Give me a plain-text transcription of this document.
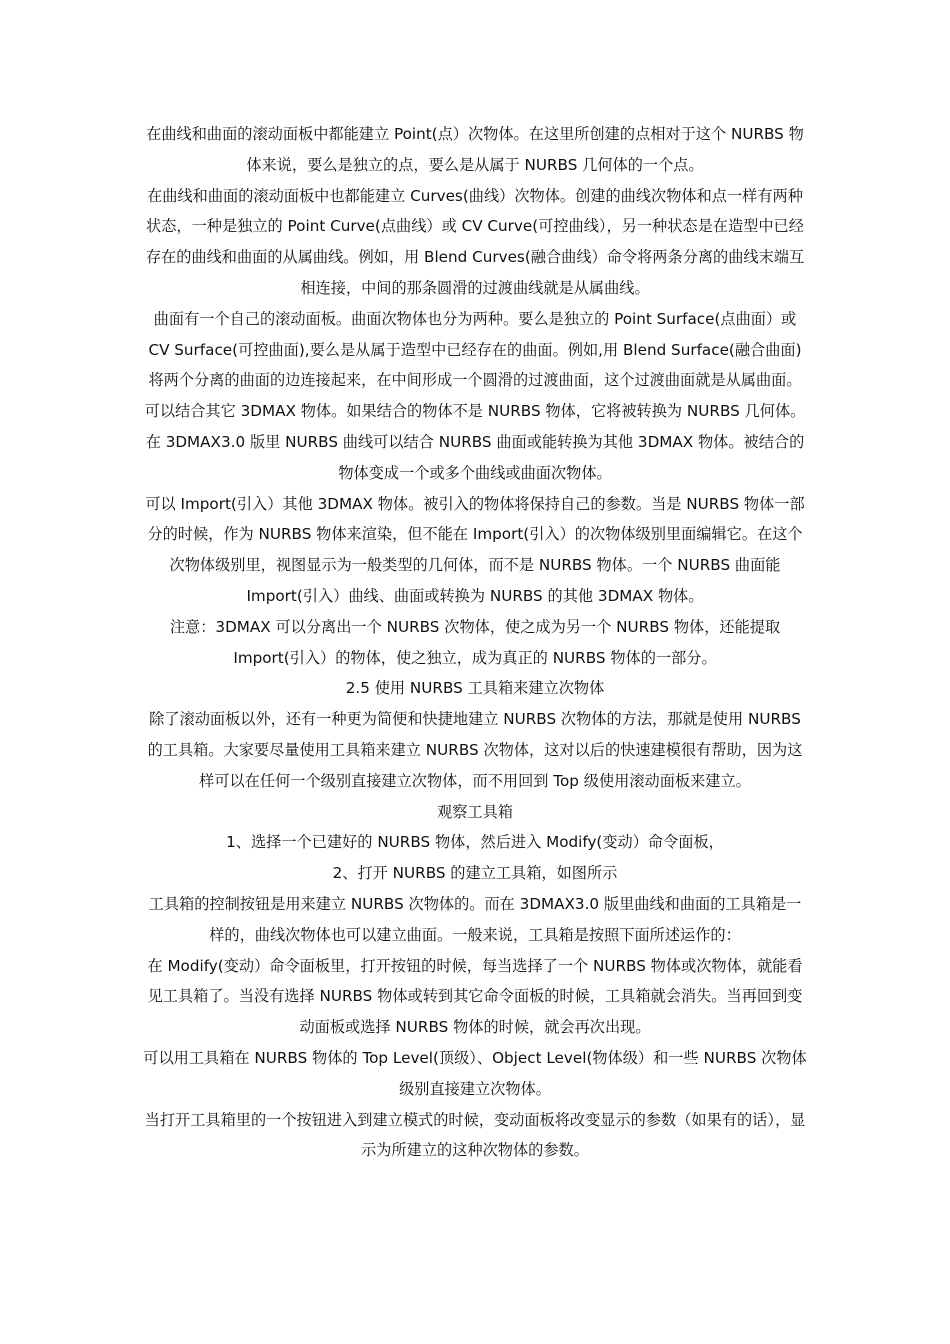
在曲线和曲面的滚动面板中都能建立 Point(点）次物体。在这里所创建的点相对于这个 NURBS 物体来说，要么是独立的点，要么是从属于 NURBS 几何体的一个点。

在曲线和曲面的滚动面板中也都能建立 Curves(曲线）次物体。创建的曲线次物体和点一样有两种状态，一种是独立的 Point Curve(点曲线）或 CV Curve(可控曲线），另一种状态是在造型中已经存在的曲线和曲面的从属曲线。例如，用 Blend Curves(融合曲线）命令将两条分离的曲线末端互相连接，中间的那条圆滑的过渡曲线就是从属曲线。

曲面有一个自己的滚动面板。曲面次物体也分为两种。要么是独立的 Point Surface(点曲面）或 CV Surface(可控曲面),要么是从属于造型中已经存在的曲面。例如,用 Blend Surface(融合曲面)将两个分离的曲面的边连接起来，在中间形成一个圆滑的过渡曲面，这个过渡曲面就是从属曲面。

可以结合其它 3DMAX 物体。如果结合的物体不是 NURBS 物体，它将被转换为 NURBS 几何体。在 3DMAX3.0 版里 NURBS 曲线可以结合 NURBS 曲面或能转换为其他 3DMAX 物体。被结合的物体变成一个或多个曲线或曲面次物体。

可以 Import(引入）其他 3DMAX 物体。被引入的物体将保持自己的参数。当是 NURBS 物体一部分的时候，作为 NURBS 物体来渲染，但不能在 Import(引入）的次物体级别里面编辑它。在这个次物体级别里，视图显示为一般类型的几何体，而不是 NURBS 物体。一个 NURBS 曲面能 Import(引入）曲线、曲面或转换为 NURBS 的其他 3DMAX 物体。

注意：3DMAX 可以分离出一个 NURBS 次物体，使之成为另一个 NURBS 物体，还能提取 Import(引入）的物体，使之独立，成为真正的 NURBS 物体的一部分。

2.5 使用 NURBS 工具箱来建立次物体

除了滚动面板以外，还有一种更为简便和快捷地建立 NURBS 次物体的方法，那就是使用 NURBS 的工具箱。大家要尽量使用工具箱来建立 NURBS 次物体，这对以后的快速建模很有帮助，因为这样可以在任何一个级别直接建立次物体，而不用回到 Top 级使用滚动面板来建立。

观察工具箱

1、选择一个已建好的 NURBS 物体，然后进入 Modify(变动）命令面板，

2、打开 NURBS 的建立工具箱，如图所示

工具箱的控制按钮是用来建立 NURBS 次物体的。而在 3DMAX3.0 版里曲线和曲面的工具箱是一样的，曲线次物体也可以建立曲面。一般来说，工具箱是按照下面所述运作的：

在 Modify(变动）命令面板里，打开按钮的时候，每当选择了一个 NURBS 物体或次物体，就能看见工具箱了。当没有选择 NURBS 物体或转到其它命令面板的时候，工具箱就会消失。当再回到变动面板或选择 NURBS 物体的时候，就会再次出现。

可以用工具箱在 NURBS 物体的 Top Level(顶级）、Object Level(物体级）和一些 NURBS 次物体级别直接建立次物体。

当打开工具箱里的一个按钮进入到建立模式的时候，变动面板将改变显示的参数（如果有的话），显示为所建立的这种次物体的参数。
